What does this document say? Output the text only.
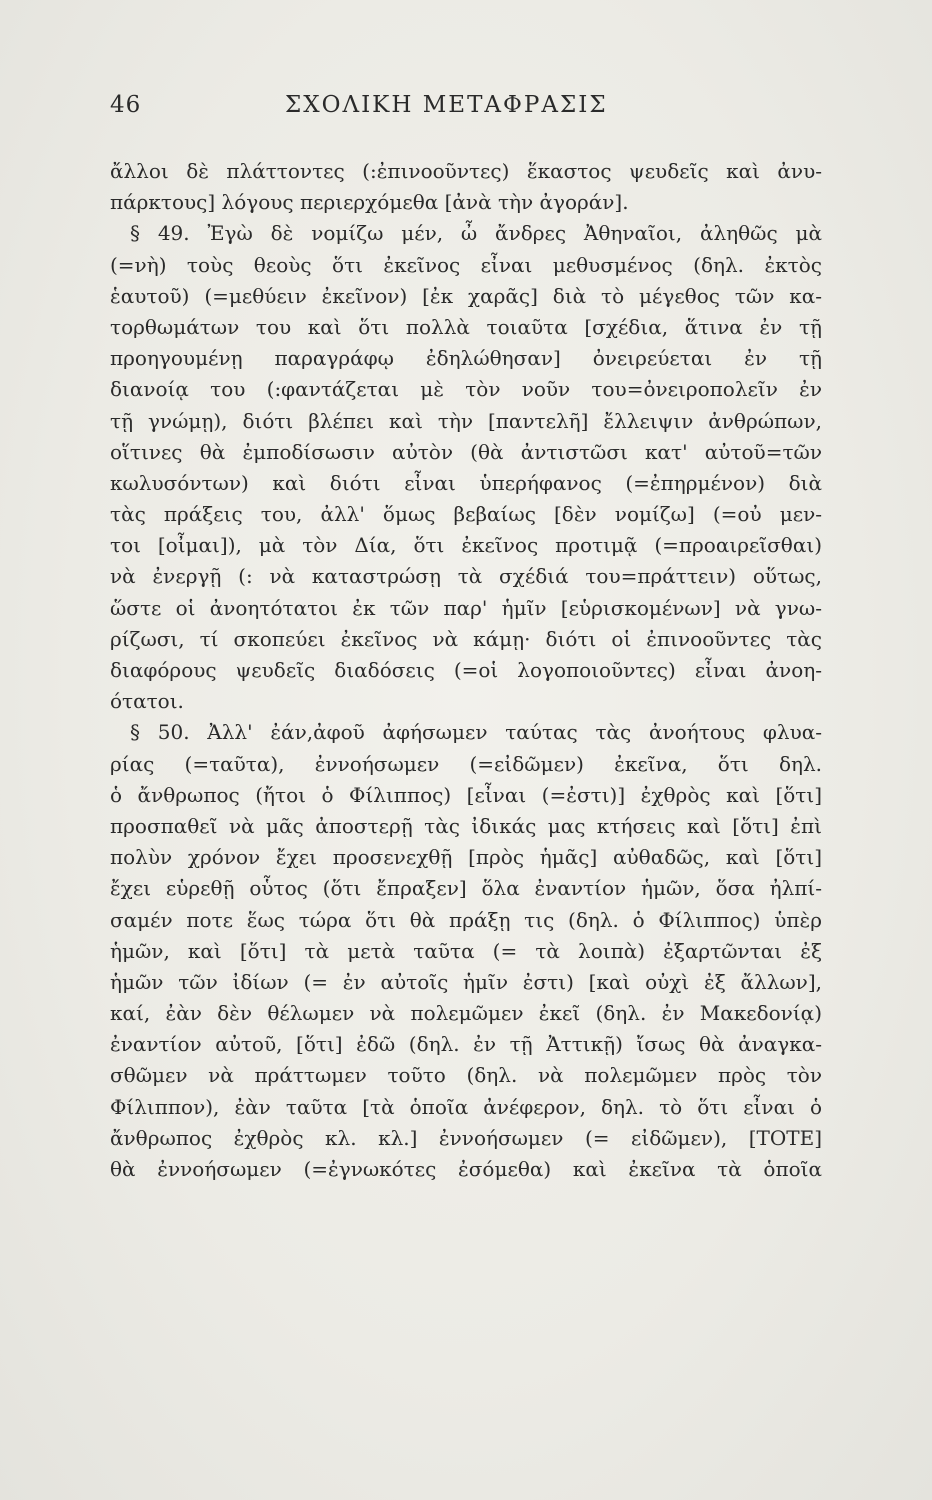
46	ΣΧΟΛΙΚΗ ΜΕΤΑΦΡΑΣΙΣ
ἄλλοι δὲ πλάττοντες (:ἐπινοοῦντες) ἕκαστος ψευδεῖς καὶ ἀνυ-
πάρκτους] λόγους περιερχόμεθα [ἀνὰ τὴν ἀγοράν].
§ 49. Ἐγὼ δὲ νομίζω μέν, ὦ ἄνδρες Ἀθηναῖοι, ἀληθῶς μὰ
(=νὴ) τοὺς θεοὺς ὅτι ἐκεῖνος εἶναι μεθυσμένος (δηλ. ἐκτὸς
ἑαυτοῦ) (=μεθύειν ἐκεῖνον) [ἐκ χαρᾶς] διὰ τὸ μέγεθος τῶν κα-
τορθωμάτων του καὶ ὅτι πολλὰ τοιαῦτα [σχέδια, ἅτινα ἐν τῇ
προηγουμένῃ παραγράφῳ ἐδηλώθησαν] ὀνειρεύεται ἐν τῇ
διανοίᾳ του (:φαντάζεται μὲ τὸν νοῦν του=ὀνειροπολεῖν ἐν
τῇ γνώμῃ), διότι βλέπει καὶ τὴν [παντελῆ] ἔλλειψιν ἀνθρώπων,
οἵτινες θὰ ἐμποδίσωσιν αὐτὸν (θὰ ἀντιστῶσι κατ' αὐτοῦ=τῶν
κωλυσόντων) καὶ διότι εἶναι ὑπερήφανος (=ἐπηρμένον) διὰ
τὰς πράξεις του, ἀλλ' ὅμως βεβαίως [δὲν νομίζω] (=οὐ μεν-
τοι [οἶμαι]), μὰ τὸν Δία, ὅτι ἐκεῖνος προτιμᾷ (=προαιρεῖσθαι)
νὰ ἐνεργῇ (: νὰ καταστρώσῃ τὰ σχέδιά του=πράττειν) οὕτως,
ὥστε οἱ ἀνοητότατοι ἐκ τῶν παρ' ἡμῖν [εὑρισκομένων] νὰ γνω-
ρίζωσι, τί σκοπεύει ἐκεῖνος νὰ κάμῃ· διότι οἱ ἐπινοοῦντες τὰς
διαφόρους ψευδεῖς διαδόσεις (=οἱ λογοποιοῦντες) εἶναι ἀνοη-
ότατοι.
§ 50. Ἀλλ' ἐάν,ἀφοῦ ἀφήσωμεν ταύτας τὰς ἀνοήτους φλυα-
ρίας (=ταῦτα), ἐννοήσωμεν (=εἰδῶμεν) ἐκεῖνα, ὅτι δηλ.
ὁ ἄνθρωπος (ἤτοι ὁ Φίλιππος) [εἶναι (=ἐστι)] ἐχθρὸς καὶ [ὅτι]
προσπαθεῖ νὰ μᾶς ἀποστερῇ τὰς ἰδικάς μας κτήσεις καὶ [ὅτι] ἐπὶ
πολὺν χρόνον ἔχει προσενεχθῇ [πρὸς ἡμᾶς] αὐθαδῶς, καὶ [ὅτι]
ἔχει εὑρεθῇ οὗτος (ὅτι ἔπραξεν] ὅλα ἐναντίον ἡμῶν, ὅσα ἠλπί-
σαμέν ποτε ἕως τώρα ὅτι θὰ πράξῃ τις (δηλ. ὁ Φίλιππος) ὑπὲρ
ἡμῶν, καὶ [ὅτι] τὰ μετὰ ταῦτα (= τὰ λοιπὰ) ἐξαρτῶνται ἐξ
ἡμῶν τῶν ἰδίων (= ἐν αὐτοῖς ἡμῖν ἐστι) [καὶ οὐχὶ ἐξ ἄλλων],
καί, ἐὰν δὲν θέλωμεν νὰ πολεμῶμεν ἐκεῖ (δηλ. ἐν Μακεδονίᾳ)
ἐναντίον αὐτοῦ, [ὅτι] ἐδῶ (δηλ. ἐν τῇ Ἀττικῇ) ἴσως θὰ ἀναγκα-
σθῶμεν νὰ πράττωμεν τοῦτο (δηλ. νὰ πολεμῶμεν πρὸς τὸν
Φίλιππον), ἐὰν ταῦτα [τὰ ὁποῖα ἀνέφερον, δηλ. τὸ ὅτι εἶναι ὁ
ἄνθρωπος ἐχθρὸς κλ. κλ.] ἐννοήσωμεν (= εἰδῶμεν), [ΤΟΤΕ]
θὰ ἐννοήσωμεν (=ἐγνωκότες ἐσόμεθα) καὶ ἐκεῖνα τὰ ὁποῖα
